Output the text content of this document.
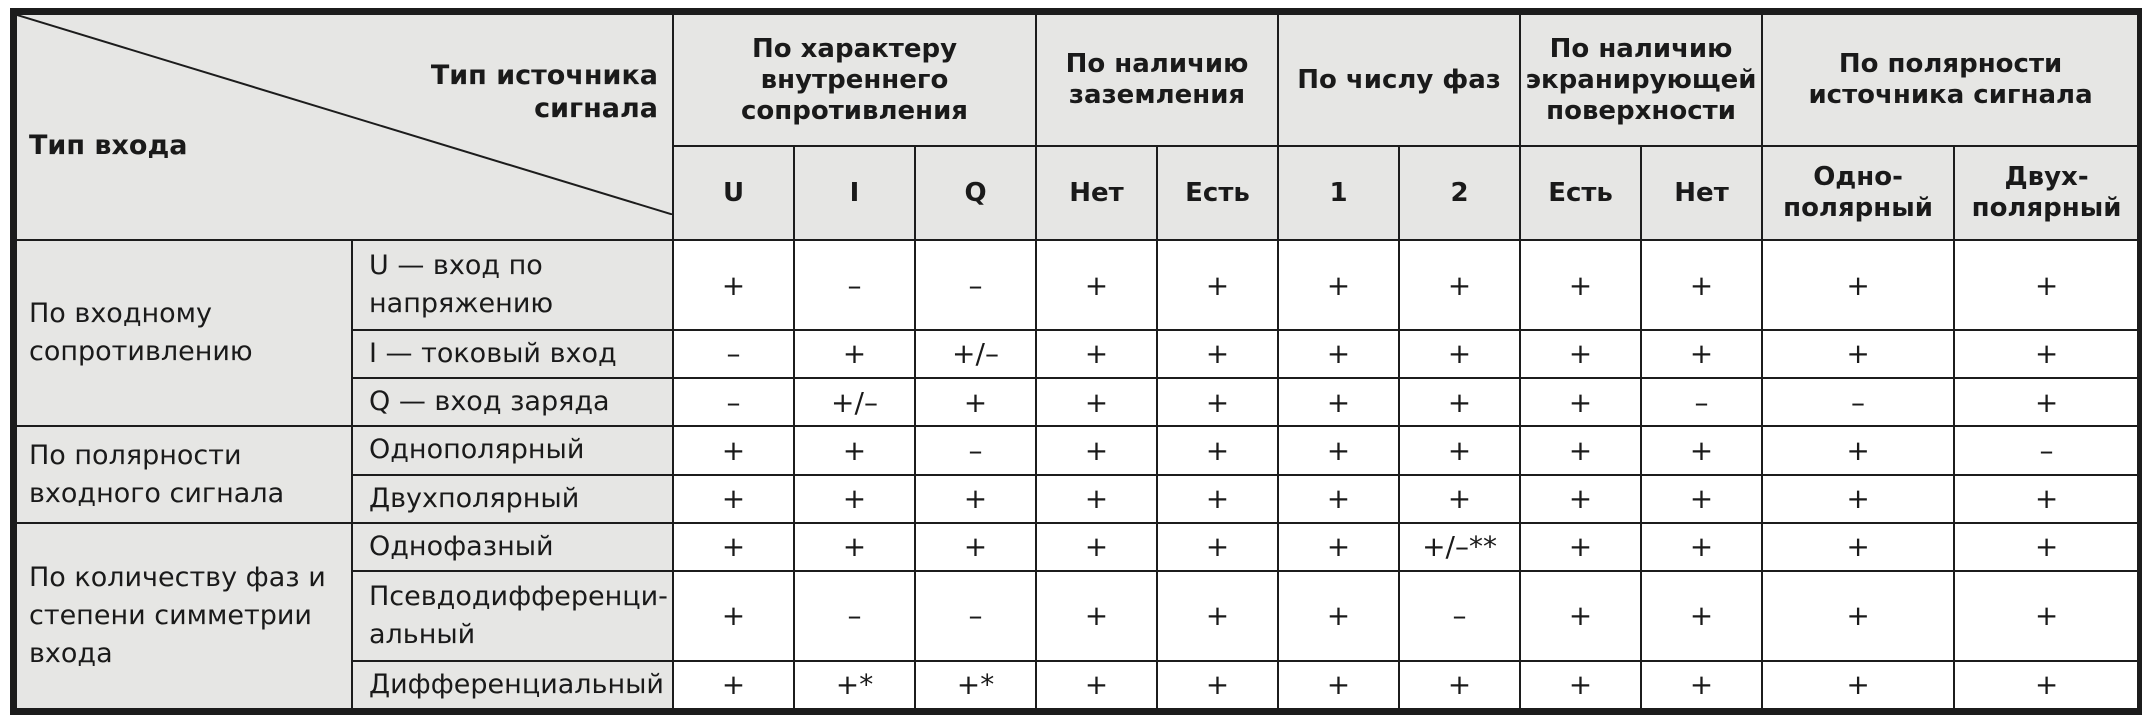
Тип источника сигнала
Тип входа		По характеру внутреннего сопротивления			По наличию заземления		По числу фаз		По наличию экранирующей поверхности		По полярности источника сигнала	
		U	I	Q	Нет	Есть	1	2	Есть	Нет	Одно-полярный	Двух-полярный
По входному сопротивлению	U — вход по напряжению	+	–	–	+	+	+	+	+	+	+	+
	I — токовый вход	–	+	+/–	+	+	+	+	+	+	+	+
	Q — вход заряда	–	+/–	+	+	+	+	+	+	–	–	+
По полярности входного сигнала	Однополярный	+	+	–	+	+	+	+	+	+	+	–
	Двухполярный	+	+	+	+	+	+	+	+	+	+	+
По количеству фаз и степени симметрии входа	Однофазный	+	+	+	+	+	+	+/–**	+	+	+	+
	Псевдодифференци-альный	+	–	–	+	+	+	–	+	+	+	+
	Дифференциальный	+	+*	+*	+	+	+	+	+	+	+	+
